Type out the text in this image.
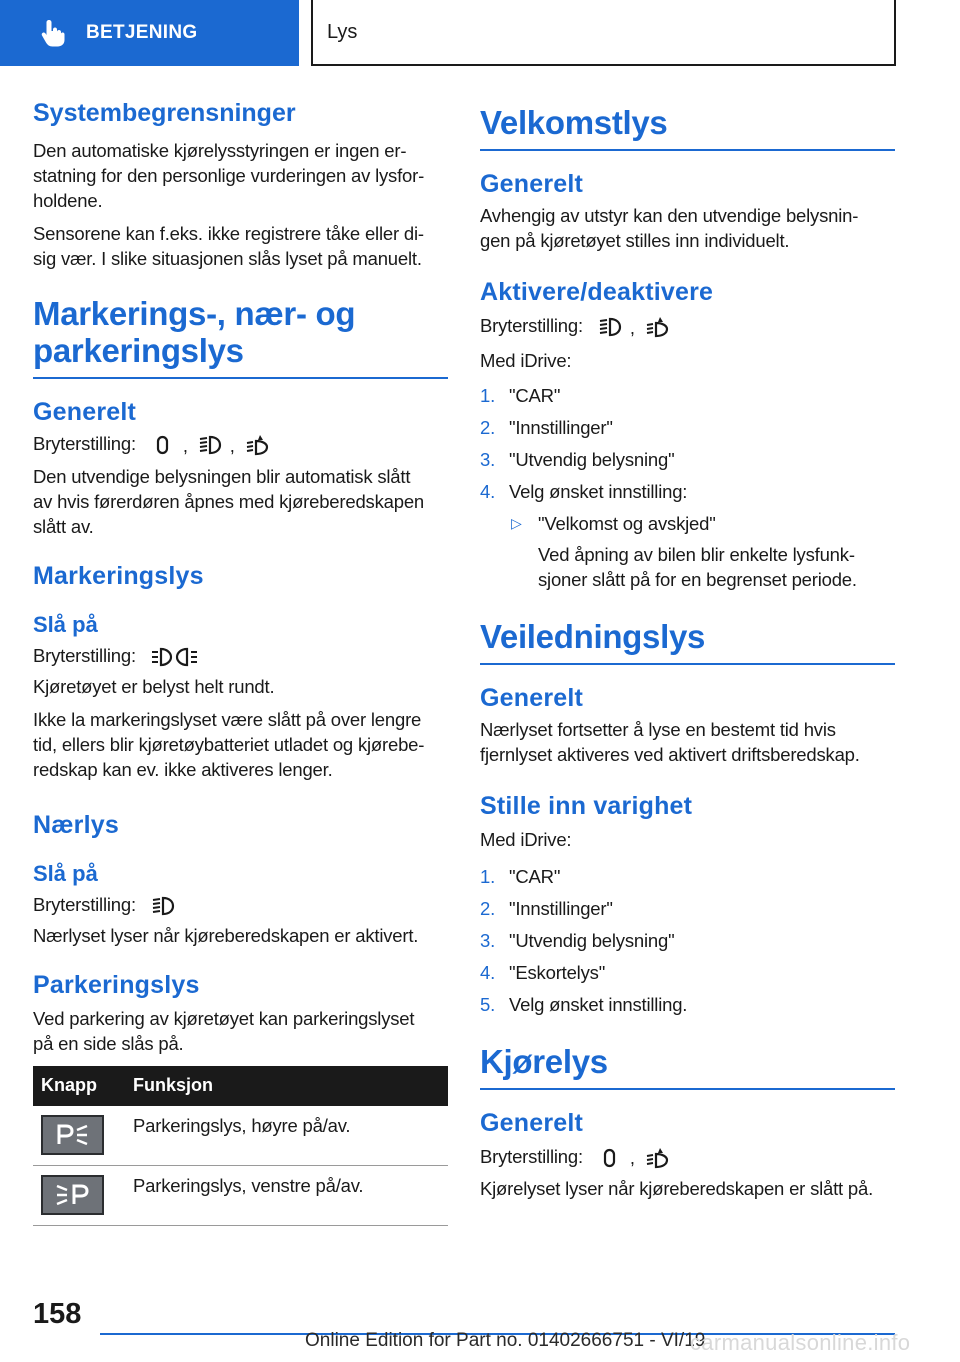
BETJENING	Lys
Systembegrensninger
Den automatiske kjørelysstyringen er ingen er-
statning for den personlige vurderingen av lysfor-
holdene.
Sensorene kan f.eks. ikke registrere tåke eller di-
sig vær. I slike situasjonen slås lyset på manuelt.
Markerings-, nær- og parkeringslys
Generelt
Bryterstilling:	, ,
Den utvendige belysningen blir automatisk slått
av hvis førerdøren åpnes med kjøreberedskapen
slått av.
Markeringslys
Slå på
Bryterstilling:
Kjøretøyet er belyst helt rundt.
Ikke la markeringslyset være slått på over lengre
tid, ellers blir kjøretøybatteriet utladet og kjørebe-
redskap kan ev. ikke aktiveres lenger.
Nærlys
Slå på
Bryterstilling:
Nærlyset lyser når kjøreberedskapen er aktivert.
Parkeringslys
Ved parkering av kjøretøyet kan parkeringslyset
på en side slås på.
Knapp	Funksjon

	Parkeringslys, høyre på/av.

	Parkeringslys, venstre på/av.
Velkomstlys
Generelt
Avhengig av utstyr kan den utvendige belysnin-
gen på kjøretøyet stilles inn individuelt.
Aktivere/deaktivere
Bryterstilling:	,
Med iDrive:
1. "CAR"
2. "Innstillinger"
3. "Utvendig belysning"
4. Velg ønsket innstilling:
▷ "Velkomst og avskjed"
Ved åpning av bilen blir enkelte lysfunk-
sjoner slått på for en begrenset periode.
Veiledningslys
Generelt
Nærlyset fortsetter å lyse en bestemt tid hvis
fjernlyset aktiveres ved aktivert driftsberedskap.
Stille inn varighet
Med iDrive:
1. "CAR"
2. "Innstillinger"
3. "Utvendig belysning"
4. "Eskortelys"
5. Velg ønsket innstilling.
Kjørelys
Generelt
Bryterstilling:	,
Kjørelyset lyser når kjøreberedskapen er slått på.
158
Online Edition for Part no. 01402666751 - VI/19
carmanualsonline.info
